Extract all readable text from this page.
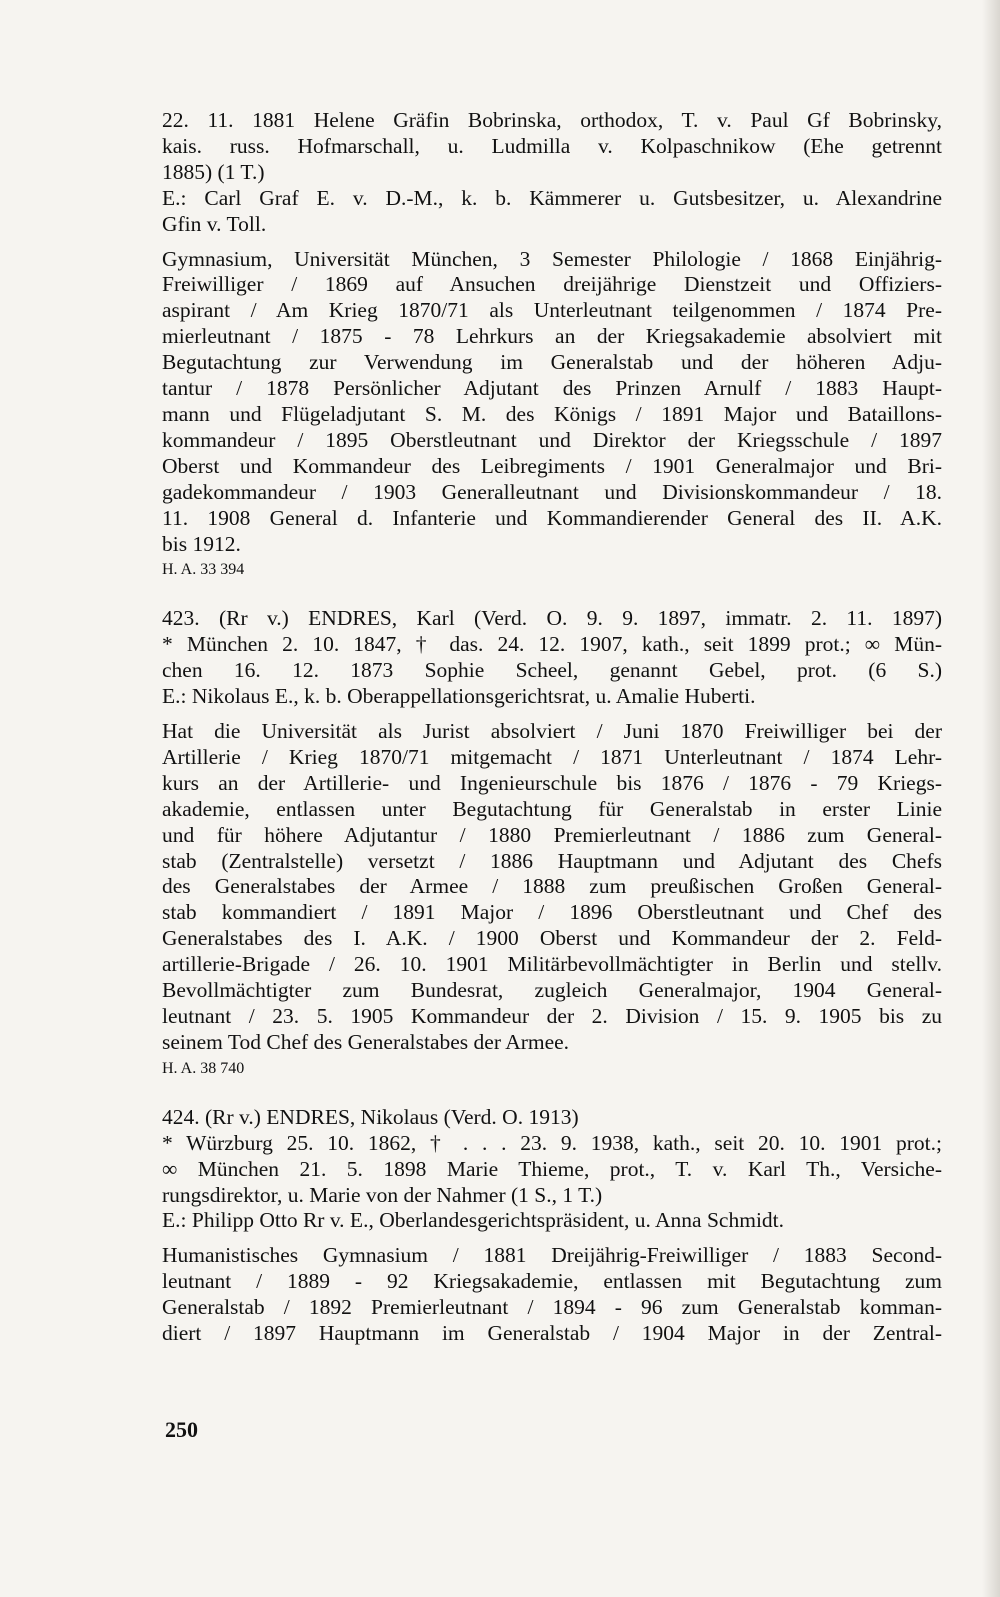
22. 11. 1881 Helene Gräfin Bobrinska, orthodox, T. v. Paul Gf Bobrinsky,
kais. russ. Hofmarschall, u. Ludmilla v. Kolpaschnikow (Ehe getrennt
1885) (1 T.)
E.: Carl Graf E. v. D.-M., k. b. Kämmerer u. Gutsbesitzer, u. Alexandrine
Gfin v. Toll.
Gymnasium, Universität München, 3 Semester Philologie / 1868 Einjährig-
Freiwilliger / 1869 auf Ansuchen dreijährige Dienstzeit und Offiziers-
aspirant / Am Krieg 1870/71 als Unterleutnant teilgenommen / 1874 Pre-
mierleutnant / 1875 - 78 Lehrkurs an der Kriegsakademie absolviert mit
Begutachtung zur Verwendung im Generalstab und der höheren Adju-
tantur / 1878 Persönlicher Adjutant des Prinzen Arnulf / 1883 Haupt-
mann und Flügeladjutant S. M. des Königs / 1891 Major und Bataillons-
kommandeur / 1895 Oberstleutnant und Direktor der Kriegsschule / 1897
Oberst und Kommandeur des Leibregiments / 1901 Generalmajor und Bri-
gadekommandeur / 1903 Generalleutnant und Divisionskommandeur / 18.
11. 1908 General d. Infanterie und Kommandierender General des II. A.K.
bis 1912.
H. A. 33 394
423. (Rr v.) ENDRES, Karl (Verd. O. 9. 9. 1897, immatr. 2. 11. 1897)
* München 2. 10. 1847, † das. 24. 12. 1907, kath., seit 1899 prot.; ∞ Mün-
chen 16. 12. 1873 Sophie Scheel, genannt Gebel, prot. (6 S.)
E.: Nikolaus E., k. b. Oberappellationsgerichtsrat, u. Amalie Huberti.
Hat die Universität als Jurist absolviert / Juni 1870 Freiwilliger bei der
Artillerie / Krieg 1870/71 mitgemacht / 1871 Unterleutnant / 1874 Lehr-
kurs an der Artillerie- und Ingenieurschule bis 1876 / 1876 - 79 Kriegs-
akademie, entlassen unter Begutachtung für Generalstab in erster Linie
und für höhere Adjutantur / 1880 Premierleutnant / 1886 zum General-
stab (Zentralstelle) versetzt / 1886 Hauptmann und Adjutant des Chefs
des Generalstabes der Armee / 1888 zum preußischen Großen General-
stab kommandiert / 1891 Major / 1896 Oberstleutnant und Chef des
Generalstabes des I. A.K. / 1900 Oberst und Kommandeur der 2. Feld-
artillerie-Brigade / 26. 10. 1901 Militärbevollmächtigter in Berlin und stellv.
Bevollmächtigter zum Bundesrat, zugleich Generalmajor, 1904 General-
leutnant / 23. 5. 1905 Kommandeur der 2. Division / 15. 9. 1905 bis zu
seinem Tod Chef des Generalstabes der Armee.
H. A. 38 740
424. (Rr v.) ENDRES, Nikolaus (Verd. O. 1913)
* Würzburg 25. 10. 1862, † . . . 23. 9. 1938, kath., seit 20. 10. 1901 prot.;
∞ München 21. 5. 1898 Marie Thieme, prot., T. v. Karl Th., Versiche-
rungsdirektor, u. Marie von der Nahmer (1 S., 1 T.)
E.: Philipp Otto Rr v. E., Oberlandesgerichtspräsident, u. Anna Schmidt.
Humanistisches Gymnasium / 1881 Dreijährig-Freiwilliger / 1883 Second-
leutnant / 1889 - 92 Kriegsakademie, entlassen mit Begutachtung zum
Generalstab / 1892 Premierleutnant / 1894 - 96 zum Generalstab komman-
diert / 1897 Hauptmann im Generalstab / 1904 Major in der Zentral-
250
